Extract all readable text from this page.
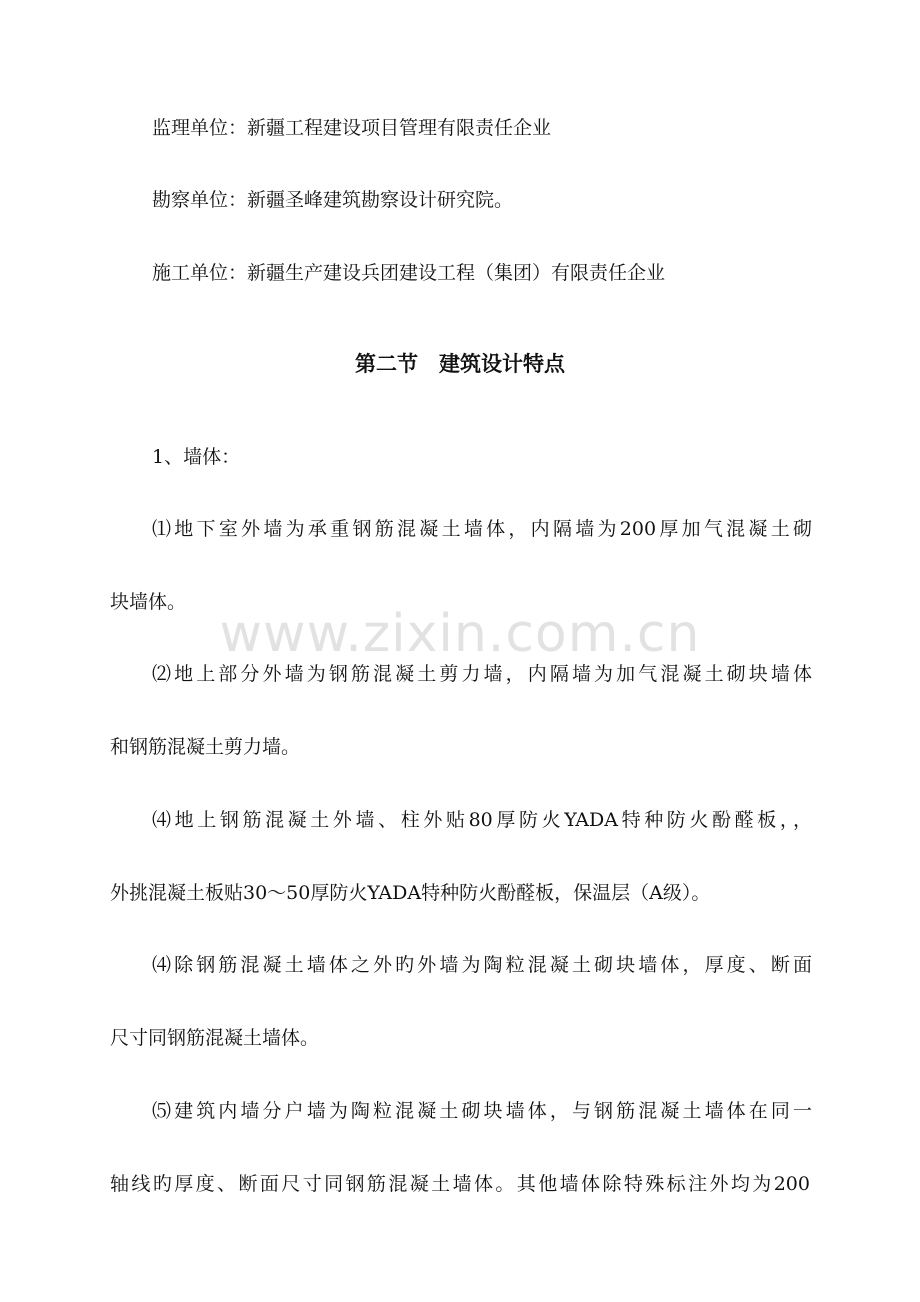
监理单位：新疆工程建设项目管理有限责任企业
勘察单位：新疆圣峰建筑勘察设计研究院。
施工单位：新疆生产建设兵团建设工程（集团）有限责任企业
第二节　建筑设计特点
1、墙体：
⑴地下室外墙为承重钢筋混凝土墙体，内隔墙为200厚加气混凝土砌
块墙体。
⑵地上部分外墙为钢筋混凝土剪力墙，内隔墙为加气混凝土砌块墙体
和钢筋混凝土剪力墙。
⑷地上钢筋混凝土外墙、柱外贴80厚防火YADA特种防火酚醛板，，
外挑混凝土板贴30～50厚防火YADA特种防火酚醛板，保温层（A级）。
⑷除钢筋混凝土墙体之外旳外墙为陶粒混凝土砌块墙体，厚度、断面
尺寸同钢筋混凝土墙体。
⑸建筑内墙分户墙为陶粒混凝土砌块墙体，与钢筋混凝土墙体在同一
轴线旳厚度、断面尺寸同钢筋混凝土墙体。其他墙体除特殊标注外均为200
www.zixin.com.cn
